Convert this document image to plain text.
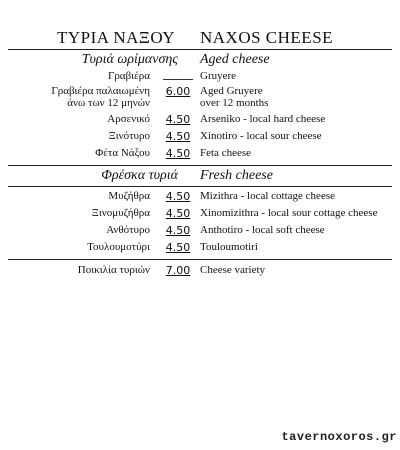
ΤΥΡΙΑ ΝΑΞΟΥ NAXOS CHEESE
Τυριά ωρίμανσης Aged cheese
Γραβιέρα	Gruyere
Γραβιέρα παλαιωμένη 6.00 Aged Gruyere
άνω των 12 μηνών	over 12 months
Αρσενικό 4.50 Arseniko - local hard cheese
Ξινότυρο 4.50 Xinotiro - local sour cheese
Φέτα Νάξου 4.50 Feta cheese
Φρέσκα τυριά Fresh cheese
Μυζήθρα 4.50 Mizithra - local cottage cheese
Ξινομυζήθρα 4.50 Xinomizithra - local sour cottage cheese
Ανθότυρο 4.50 Anthotiro - local soft cheese
Τουλουμοτύρι 4.50 Touloumotiri
Ποικιλία τυριών 7.00 Cheese variety
tavernoxoros.gr
